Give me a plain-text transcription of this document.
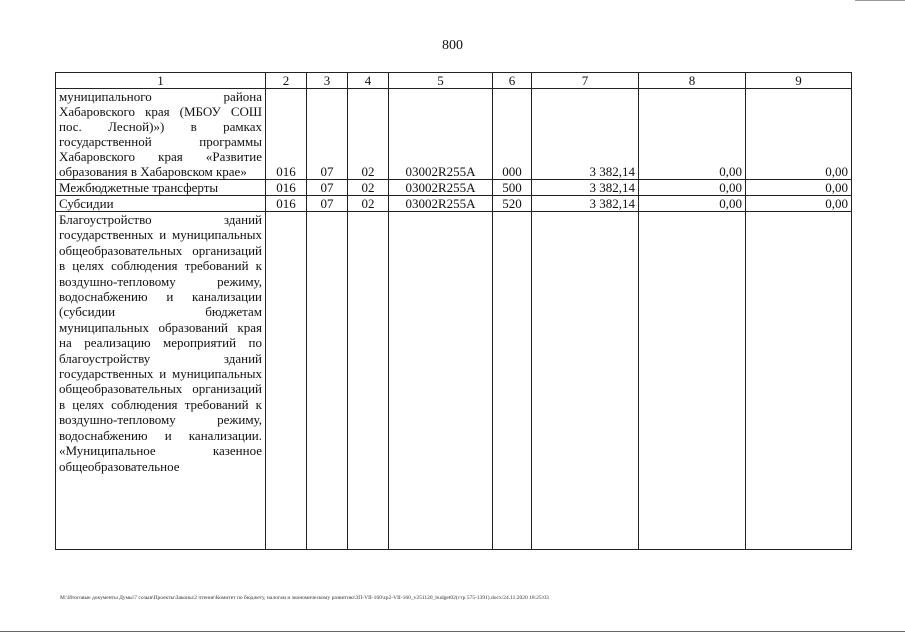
800
1	2	3	4	5	6	7	8	9
муниципального района Хабаровского края (МБОУ СОШ пос. Лесной)») в рамках государственной программы Хабаровского края «Развитие образования в Хабаровском крае»	016	07	02	03002R255A	000	3 382,14	0,00	0,00
Межбюджетные трансферты	016	07	02	03002R255A	500	3 382,14	0,00	0,00
Субсидии	016	07	02	03002R255A	520	3 382,14	0,00	0,00
Благоустройство зданий государственных и муниципальных общеобразовательных организаций в целях соблюдения требований к воздушно-тепловому режиму, водоснабжению и канализации (субсидии бюджетам муниципальных образований края на реализацию мероприятий по благоустройству зданий государственных и муниципальных общеобразовательных организаций в целях соблюдения требований к воздушно-тепловому режиму, водоснабжению и канализации. «Муниципальное казенное общеобразовательное								
M:\Итоговые документы Думы\7 созыв\Проекты\Законы\2 чтение\Комитет по бюджету, налогам и экономическому развитию\3П-VII-160\zp2-VII-160_v251120_budget02(стр 575-1391).docx/24.11.2020 18:25:03
